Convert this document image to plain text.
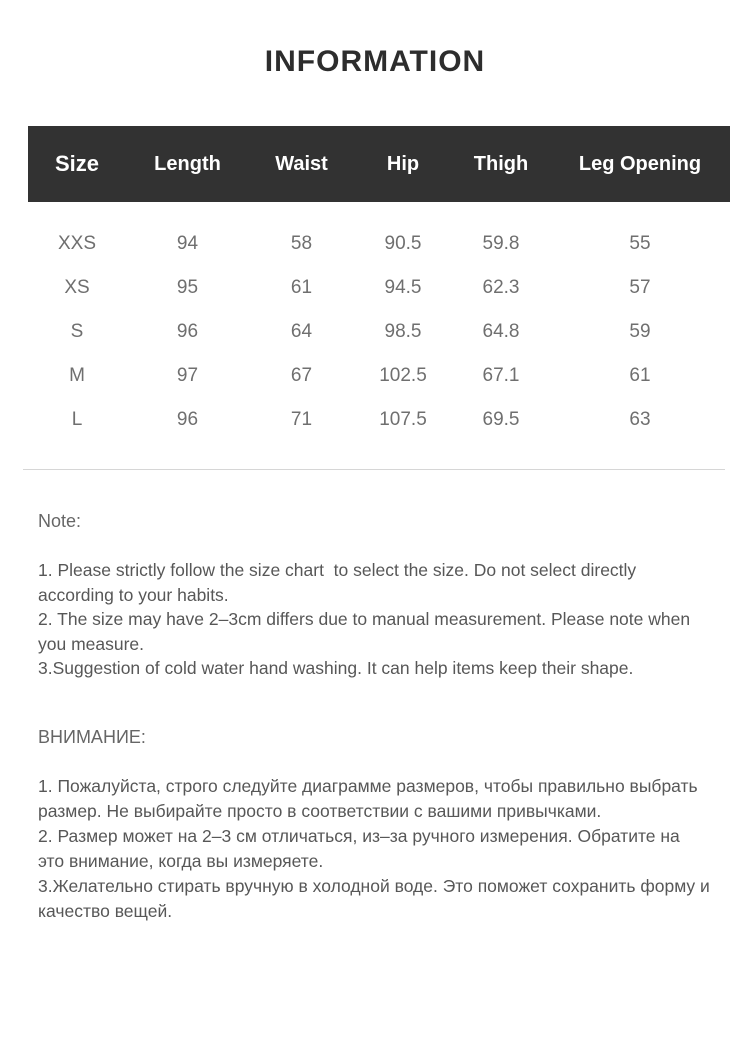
INFORMATION
Size	Length	Waist	Hip	Thigh	Leg Opening
XXS	94	58	90.5	59.8	55
XS	95	61	94.5	62.3	57
S	96	64	98.5	64.8	59
M	97	67	102.5	67.1	61
L	96	71	107.5	69.5	63
Note:

1. Please strictly follow the size chart  to select the size. Do not select directly according to your habits.

2. The size may have 2–3cm differs due to manual measurement. Please note when you measure.

3.Suggestion of cold water hand washing. It can help items keep their shape.

ВНИМАНИЕ:

1. Пожалуйста, строго следуйте диаграмме размеров, чтобы правильно выбрать размер. Не выбирайте просто в соответствии с вашими привычками.

2. Размер может на 2–3 см отличаться, из–за ручного измерения. Обратите на это внимание, когда вы измеряете.

3.Желательно стирать вручную в холодной воде. Это поможет сохранить форму и качество вещей.
